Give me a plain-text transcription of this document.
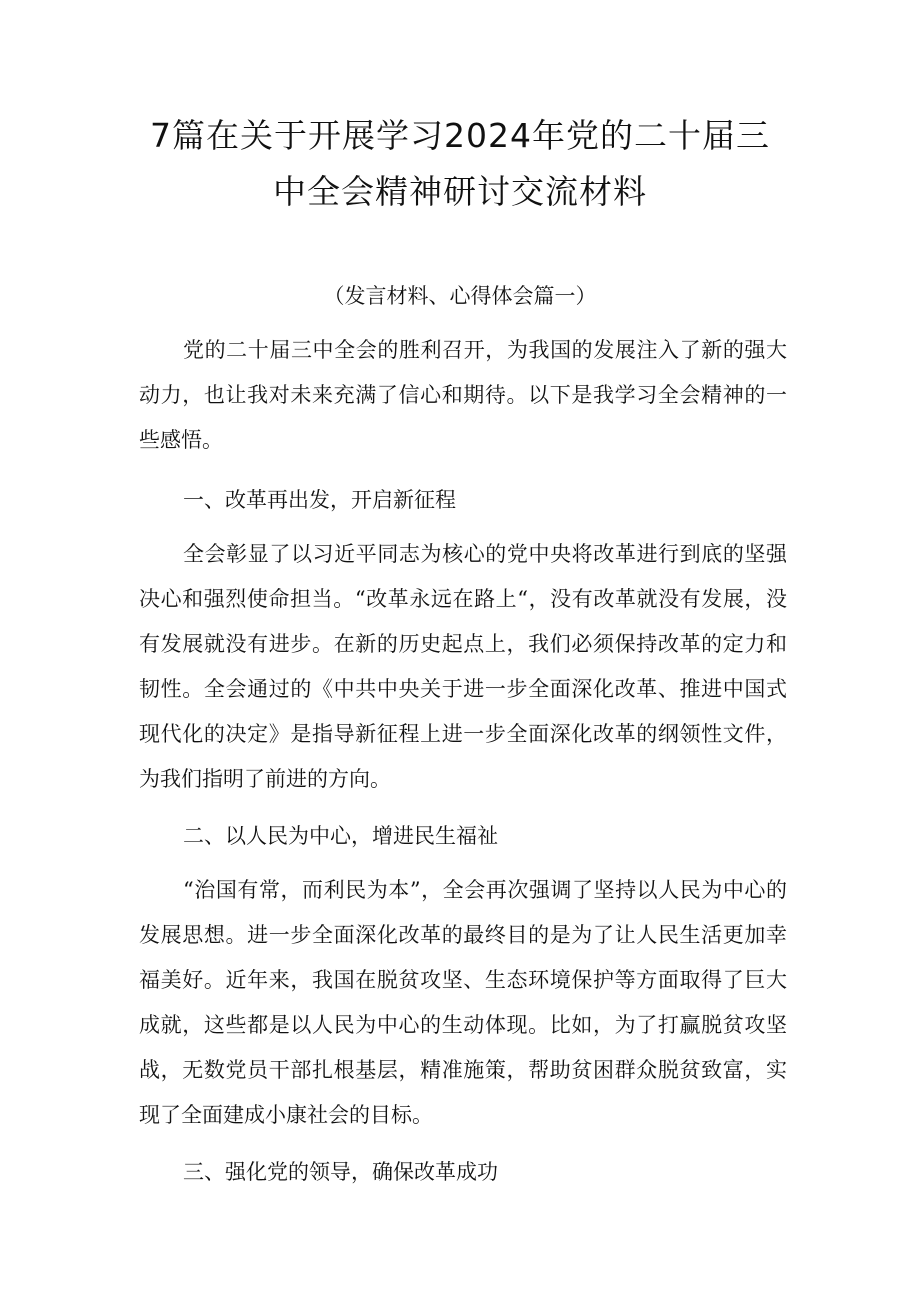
7篇在关于开展学习2024年党的二十届三
中全会精神研讨交流材料
（发言材料、心得体会篇一）

党的二十届三中全会的胜利召开，为我国的发展注入了新的强大动力，也让我对未来充满了信心和期待。以下是我学习全会精神的一些感悟。

一、改革再出发，开启新征程

全会彰显了以习近平同志为核心的党中央将改革进行到底的坚强决心和强烈使命担当。“改革永远在路上“，没有改革就没有发展，没有发展就没有进步。在新的历史起点上，我们必须保持改革的定力和韧性。全会通过的《中共中央关于进一步全面深化改革、推进中国式现代化的决定》是指导新征程上进一步全面深化改革的纲领性文件，为我们指明了前进的方向。

二、以人民为中心，增进民生福祉

“治国有常，而利民为本”，全会再次强调了坚持以人民为中心的发展思想。进一步全面深化改革的最终目的是为了让人民生活更加幸福美好。近年来，我国在脱贫攻坚、生态环境保护等方面取得了巨大成就，这些都是以人民为中心的生动体现。比如，为了打赢脱贫攻坚战，无数党员干部扎根基层，精准施策，帮助贫困群众脱贫致富，实现了全面建成小康社会的目标。

三、强化党的领导，确保改革成功
